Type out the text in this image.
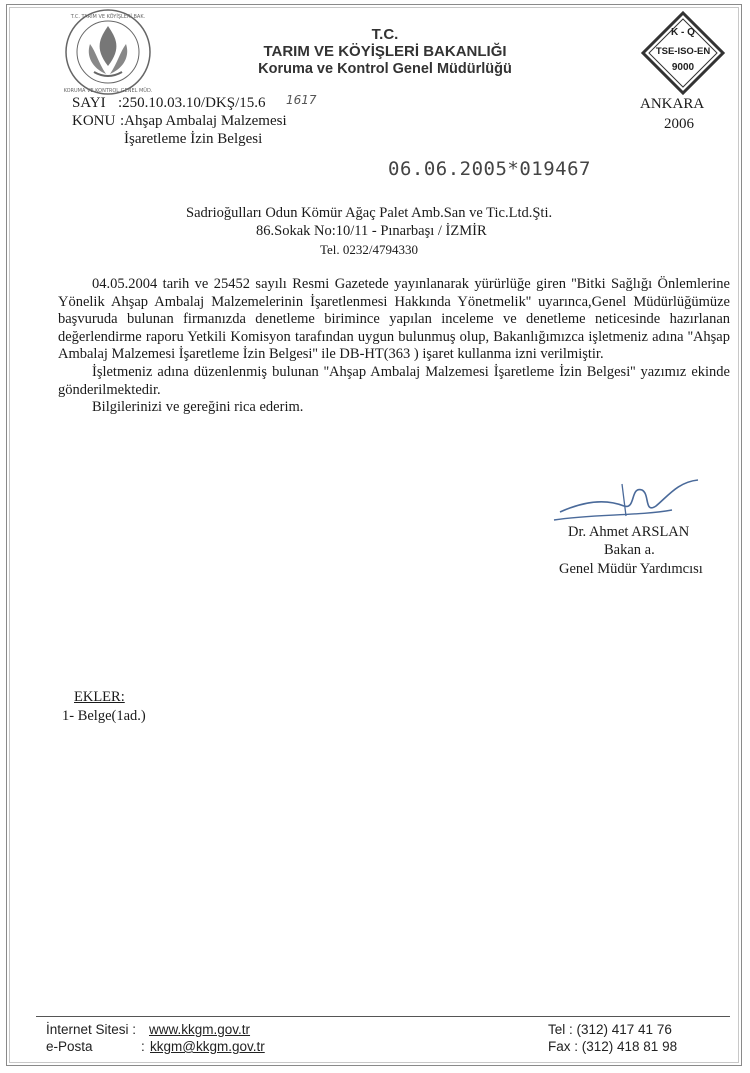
T.C. TARIM VE KÖYİŞLERİ BAK.
KORUMA VE KONTROL GENEL MÜD.
K - Q
TSE-ISO-EN
9000
T.C.
TARIM VE KÖYİŞLERİ BAKANLIĞI
Koruma ve Kontrol Genel Müdürlüğü
SAYI :250.10.03.10/DKŞ/15.6 1617
KONU :Ahşap Ambalaj Malzemesi
İşaretleme İzin Belgesi
ANKARA
2006
06.06.2005*019467
Sadrioğulları Odun Kömür Ağaç Palet Amb.San ve Tic.Ltd.Şti.
86.Sokak No:10/11 - Pınarbaşı / İZMİR
Tel. 0232/4794330

04.05.2004 tarih ve 25452 sayılı Resmi Gazetede yayınlanarak yürürlüğe giren ''Bitki Sağlığı Önlemlerine Yönelik Ahşap Ambalaj Malzemelerinin İşaretlenmesi Hakkında Yönetmelik'' uyarınca,Genel Müdürlüğümüze başvuruda bulunan firmanızda denetleme birimince yapılan inceleme ve denetleme neticesinde hazırlanan değerlendirme raporu Yetkili Komisyon tarafından uygun bulunmuş olup, Bakanlığımızca işletmeniz adına ''Ahşap Ambalaj Malzemesi İşaretleme İzin Belgesi'' ile DB-HT(363 ) işaret kullanma izni verilmiştir.

İşletmeniz adına düzenlenmiş bulunan ''Ahşap Ambalaj Malzemesi İşaretleme İzin Belgesi'' yazımız ekinde gönderilmektedir.

Bilgilerinizi ve gereğini rica ederim.

Dr. Ahmet ARSLAN
Bakan a.
Genel Müdür Yardımcısı
EKLER:
1- Belge(1ad.)
İnternet Sitesi : www.kkgm.gov.tr
e-Posta	: kkgm@kkgm.gov.tr
Tel : (312) 417 41 76
Fax : (312) 418 81 98
